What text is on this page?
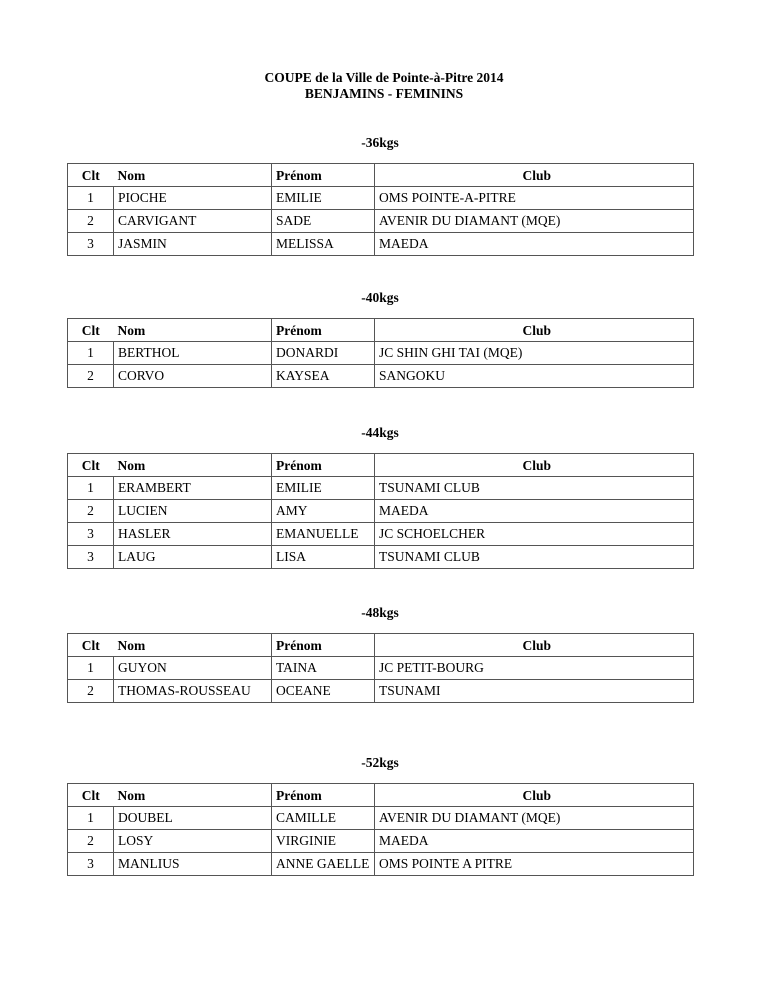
COUPE de la Ville de Pointe-à-Pitre 2014
BENJAMINS - FEMININS
-36kgs
Clt	Nom	Prénom	Club
1	PIOCHE	EMILIE	OMS POINTE-A-PITRE
2	CARVIGANT	SADE	AVENIR DU DIAMANT (MQE)
3	JASMIN	MELISSA	MAEDA
-40kgs
Clt	Nom	Prénom	Club
1	BERTHOL	DONARDI	JC SHIN GHI TAI (MQE)
2	CORVO	KAYSEA	SANGOKU
-44kgs
Clt	Nom	Prénom	Club
1	ERAMBERT	EMILIE	TSUNAMI CLUB
2	LUCIEN	AMY	MAEDA
3	HASLER	EMANUELLE	JC SCHOELCHER
3	LAUG	LISA	TSUNAMI CLUB
-48kgs
Clt	Nom	Prénom	Club
1	GUYON	TAINA	JC PETIT-BOURG
2	THOMAS-ROUSSEAU	OCEANE	TSUNAMI
-52kgs
Clt	Nom	Prénom	Club
1	DOUBEL	CAMILLE	AVENIR DU DIAMANT (MQE)
2	LOSY	VIRGINIE	MAEDA
3	MANLIUS	ANNE GAELLE	OMS POINTE A PITRE
